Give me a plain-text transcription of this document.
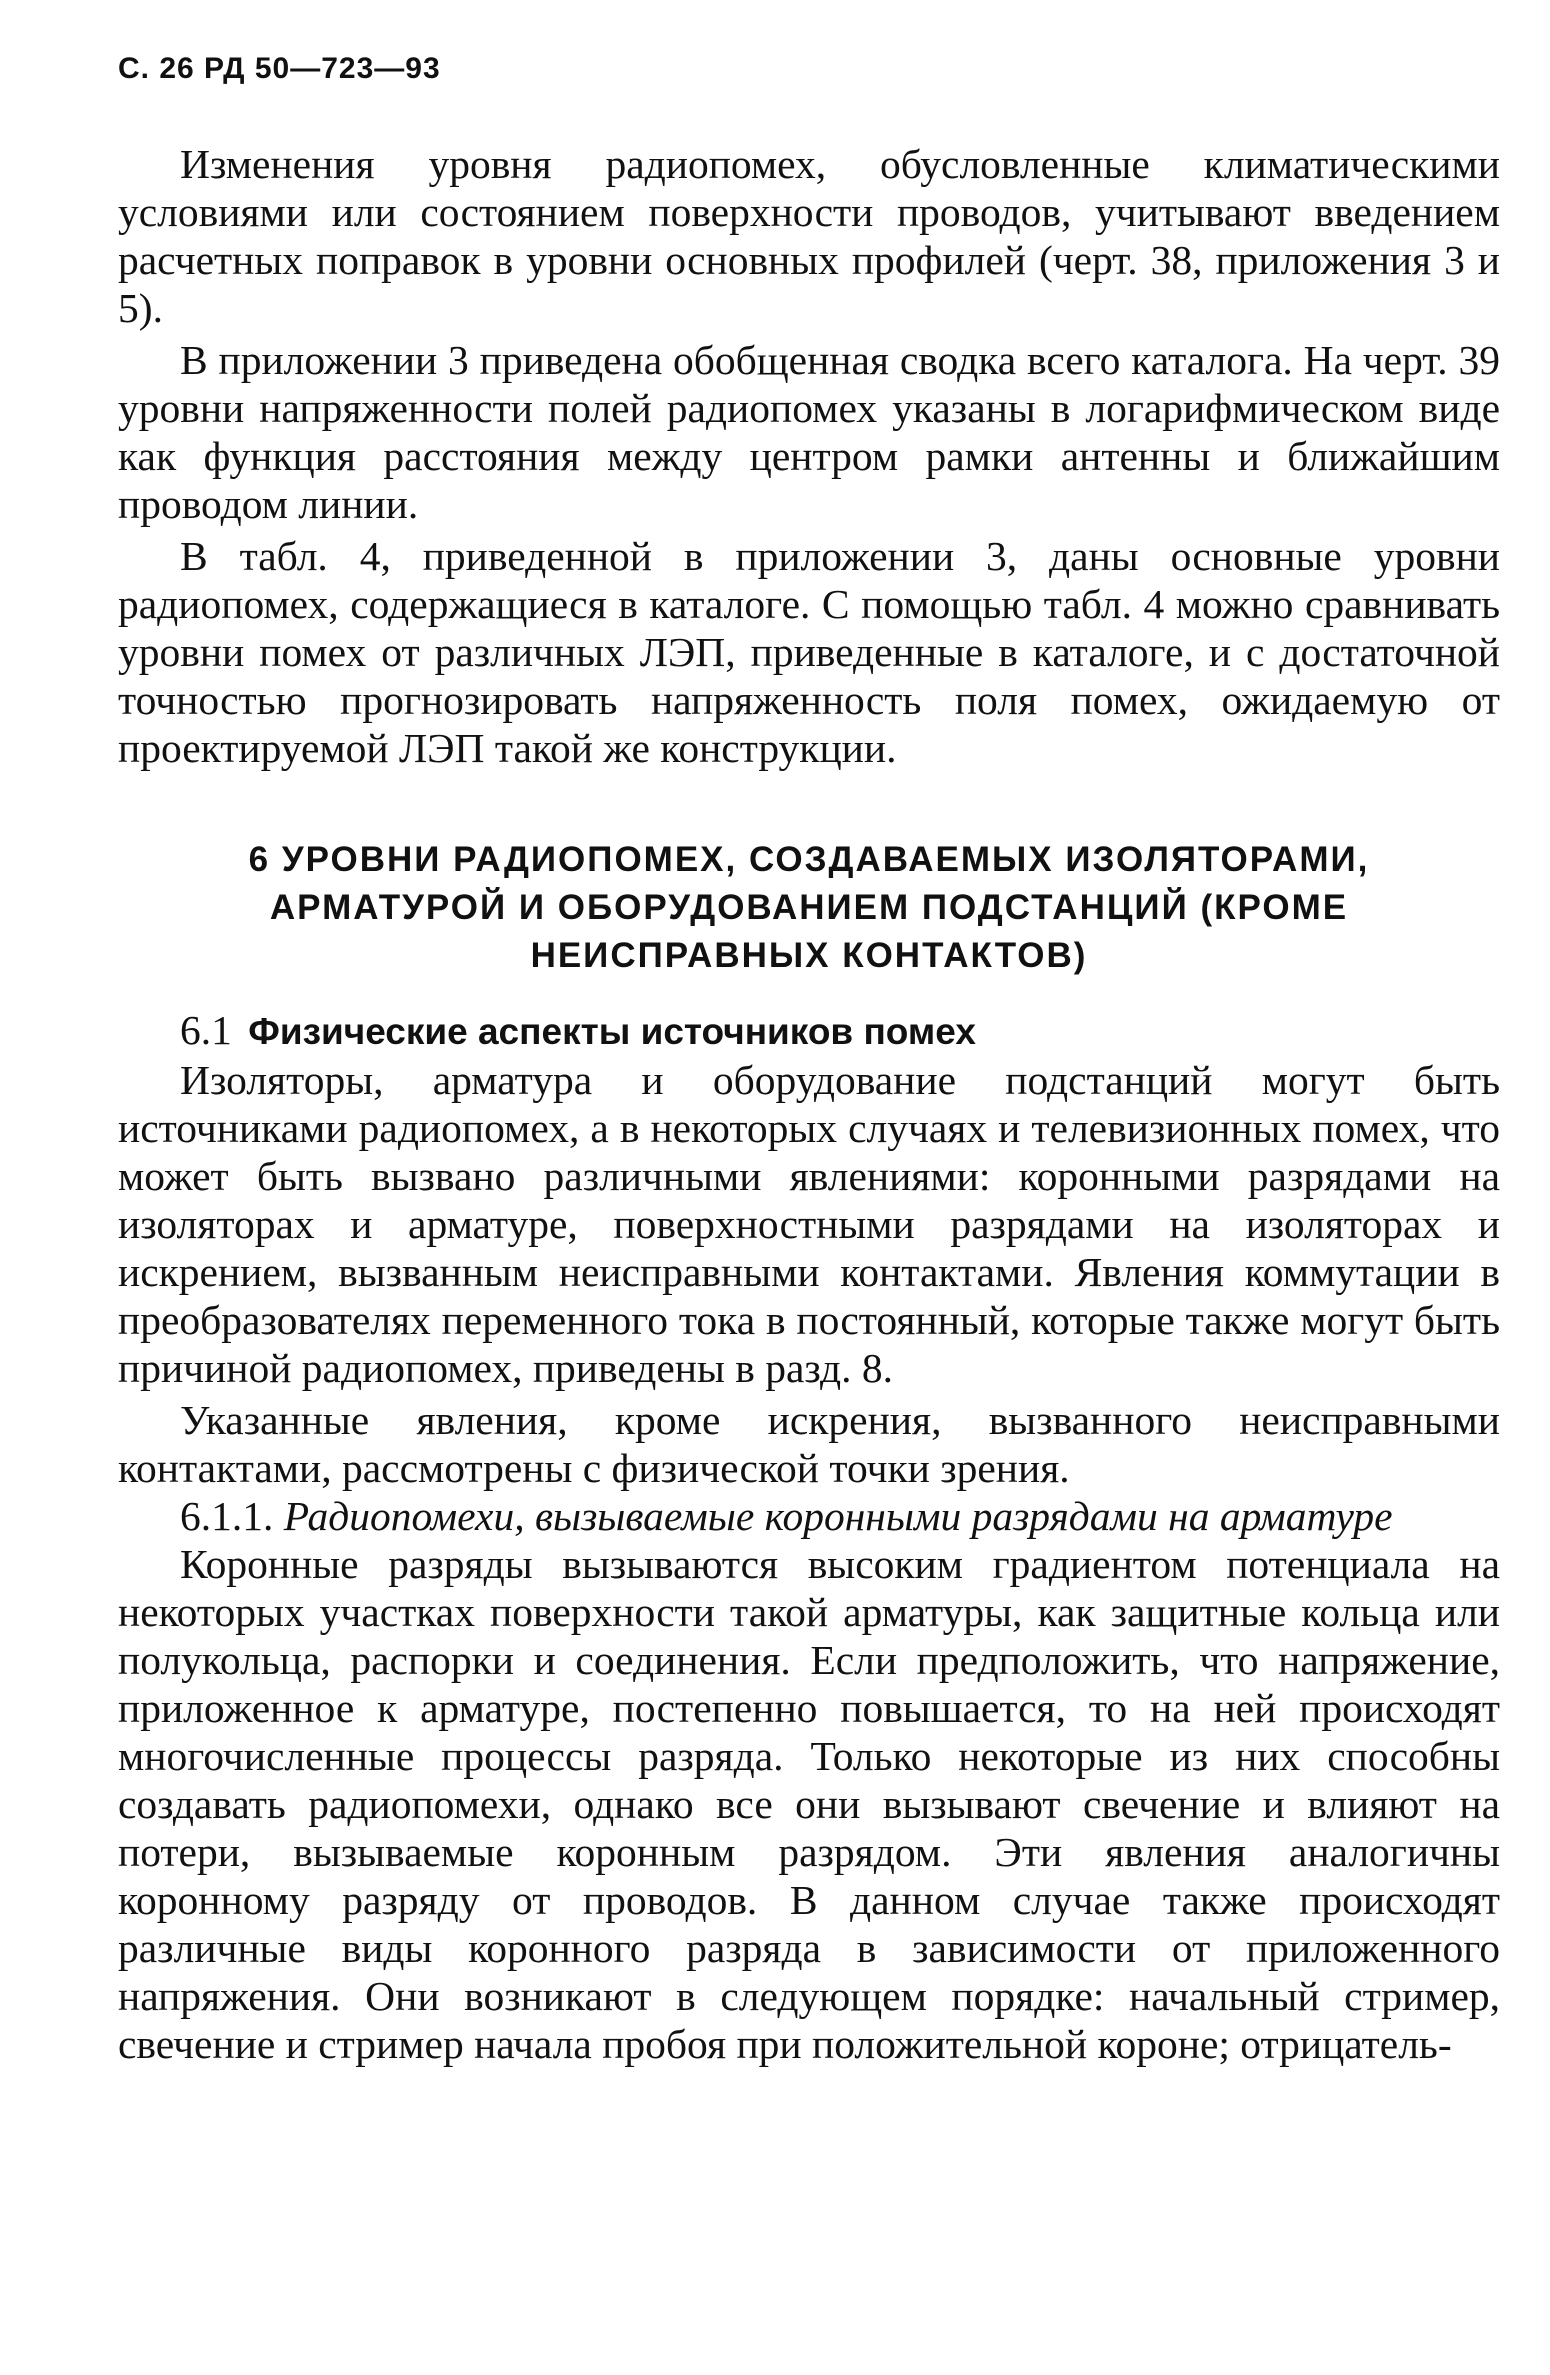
С. 26 РД 50—723—93

Изменения уровня радиопомех, обусловленные климатическими условиями или состоянием поверхности проводов, учитывают введением расчетных поправок в уровни основных профилей (черт. 38, приложения 3 и 5).

В приложении 3 приведена обобщенная сводка всего каталога. На черт. 39 уровни напряженности полей радиопомех указаны в логарифмическом виде как функция расстояния между центром рамки антенны и ближайшим проводом линии.

В табл. 4, приведенной в приложении 3, даны основные уровни радиопомех, содержащиеся в каталоге. С помощью табл. 4 можно сравнивать уровни помех от различных ЛЭП, приведенные в каталоге, и с достаточной точностью прогнозировать напряженность поля помех, ожидаемую от проектируемой ЛЭП такой же конструкции.

6 УРОВНИ РАДИОПОМЕХ, СОЗДАВАЕМЫХ ИЗОЛЯТОРАМИ, АРМАТУРОЙ И ОБОРУДОВАНИЕМ ПОДСТАНЦИЙ (КРОМЕ НЕИСПРАВНЫХ КОНТАКТОВ)

6.1 Физические аспекты источников помех

Изоляторы, арматура и оборудование подстанций могут быть источниками радиопомех, а в некоторых случаях и телевизионных помех, что может быть вызвано различными явлениями: коронными разрядами на изоляторах и арматуре, поверхностными разрядами на изоляторах и искрением, вызванным неисправными контактами. Явления коммутации в преобразователях переменного тока в постоянный, которые также могут быть причиной радиопомех, приведены в разд. 8.

Указанные явления, кроме искрения, вызванного неисправными контактами, рассмотрены с физической точки зрения.

6.1.1. Радиопомехи, вызываемые коронными разрядами на арматуре

Коронные разряды вызываются высоким градиентом потенциала на некоторых участках поверхности такой арматуры, как защитные кольца или полукольца, распорки и соединения. Если предположить, что напряжение, приложенное к арматуре, постепенно повышается, то на ней происходят многочисленные процессы разряда. Только некоторые из них способны создавать радиопомехи, однако все они вызывают свечение и влияют на потери, вызываемые коронным разрядом. Эти явления аналогичны коронному разряду от проводов. В данном случае также происходят различные виды коронного разряда в зависимости от приложенного напряжения. Они возникают в следующем порядке: начальный стример, свечение и стример начала пробоя при положительной короне; отрицатель-
